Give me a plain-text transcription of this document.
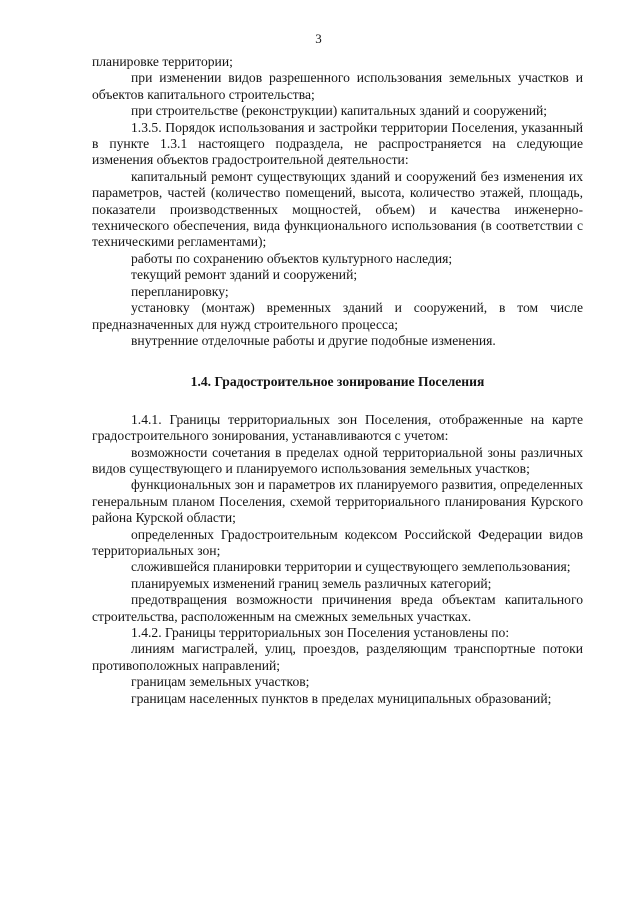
3

планировке территории;

при изменении видов разрешенного использования земельных участков и объектов капитального строительства;

при строительстве (реконструкции) капитальных зданий и сооружений;

1.3.5. Порядок использования и застройки территории Поселения, указанный в пункте 1.3.1 настоящего подраздела, не распространяется на следующие изменения объектов градостроительной деятельности:

капитальный ремонт существующих зданий и сооружений без изменения их параметров, частей (количество помещений, высота, количество этажей, площадь, показатели производственных мощностей, объем) и качества инженерно-технического обеспечения, вида функционального использования (в соответствии с техническими регламентами);

работы по сохранению объектов культурного наследия;

текущий ремонт зданий и сооружений;

перепланировку;

установку (монтаж) временных зданий и сооружений, в том числе предназначенных для нужд строительного процесса;

внутренние отделочные работы и другие подобные изменения.

1.4. Градостроительное зонирование Поселения

1.4.1. Границы территориальных зон Поселения, отображенные на карте градостроительного зонирования, устанавливаются с учетом:

возможности сочетания в пределах одной территориальной зоны различных видов существующего и планируемого использования земельных участков;

функциональных зон и параметров их планируемого развития, определенных генеральным планом Поселения, схемой территориального планирования Курского района Курской области;

определенных Градостроительным кодексом Российской Федерации видов территориальных зон;

сложившейся планировки территории и существующего землепользования;

планируемых изменений границ земель различных категорий;

предотвращения возможности причинения вреда объектам капитального строительства, расположенным на смежных земельных участках.

1.4.2. Границы территориальных зон Поселения установлены по:

линиям магистралей, улиц, проездов, разделяющим транспортные потоки противоположных направлений;

границам земельных участков;

границам населенных пунктов в пределах муниципальных образований;
